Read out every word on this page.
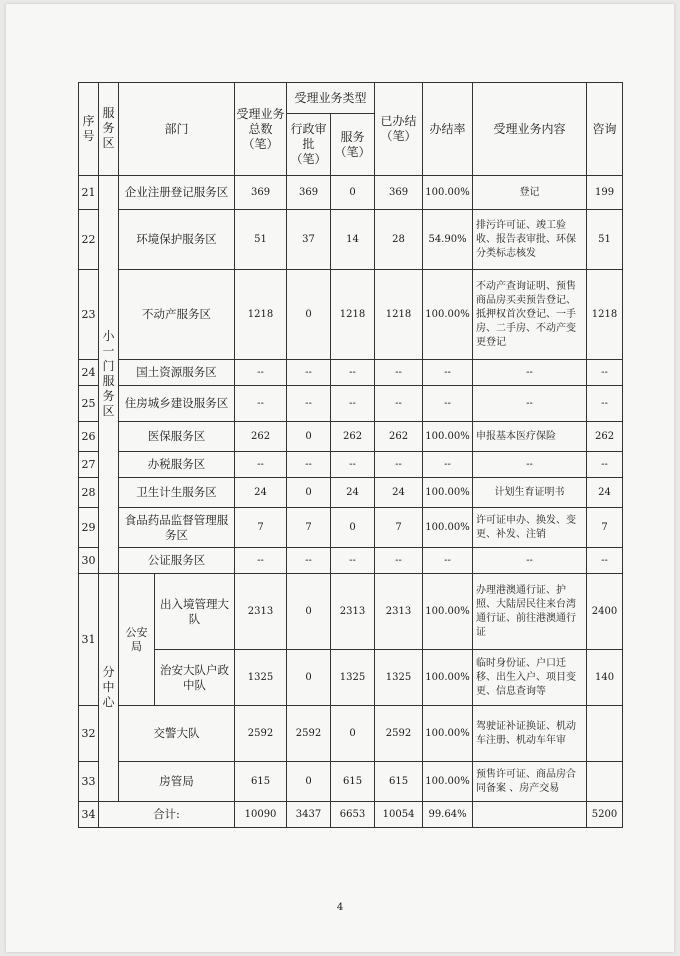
序号	服务区	部门		受理业务总数（笔）	受理业务类型		已办结（笔）	办结率	受理业务内容	咨询
					行政审批（笔）	服务（笔）				

21	小一门服务区	企业注册登记服务区		369	369	0	369	100.00%	登记	199
22		环境保护服务区		51	37	14	28	54.90%	排污许可证、竣工验收、报告表审批、环保分类标志核发	51
23		不动产服务区		1218	0	1218	1218	100.00%	不动产查询证明、预售商品房买卖预告登记、抵押权首次登记、一手房、二手房、不动产变更登记	1218
24		国土资源服务区		--	--	--	--	--	--	--
25		住房城乡建设服务区		--	--	--	--	--	--	--
26		医保服务区		262	0	262	262	100.00%	申报基本医疗保险	262
27		办税服务区		--	--	--	--	--	--	--
28		卫生计生服务区		24	0	24	24	100.00%	计划生育证明书	24
29		食品药品监督管理服务区		7	7	0	7	100.00%	许可证申办、换发、变更、补发、注销	7
30		公证服务区		--	--	--	--	--	--	--
31	分中心	公安局	出入境管理大队	2313	0	2313	2313	100.00%	办理港澳通行证、护照、大陆居民往来台湾通行证、前往港澳通行证	2400
			治安大队户政中队	1325	0	1325	1325	100.00%	临时身份证、户口迁移、出生入户、项目变更、信息查询等	140
32		交警大队		2592	2592	0	2592	100.00%	驾驶证补证换证、机动车注册、机动车年审	
33		房管局		615	0	615	615	100.00%	预售许可证、商品房合同备案 、房产交易	
34	合计:			10090	3437	6653	10054	99.64%		5200
4
